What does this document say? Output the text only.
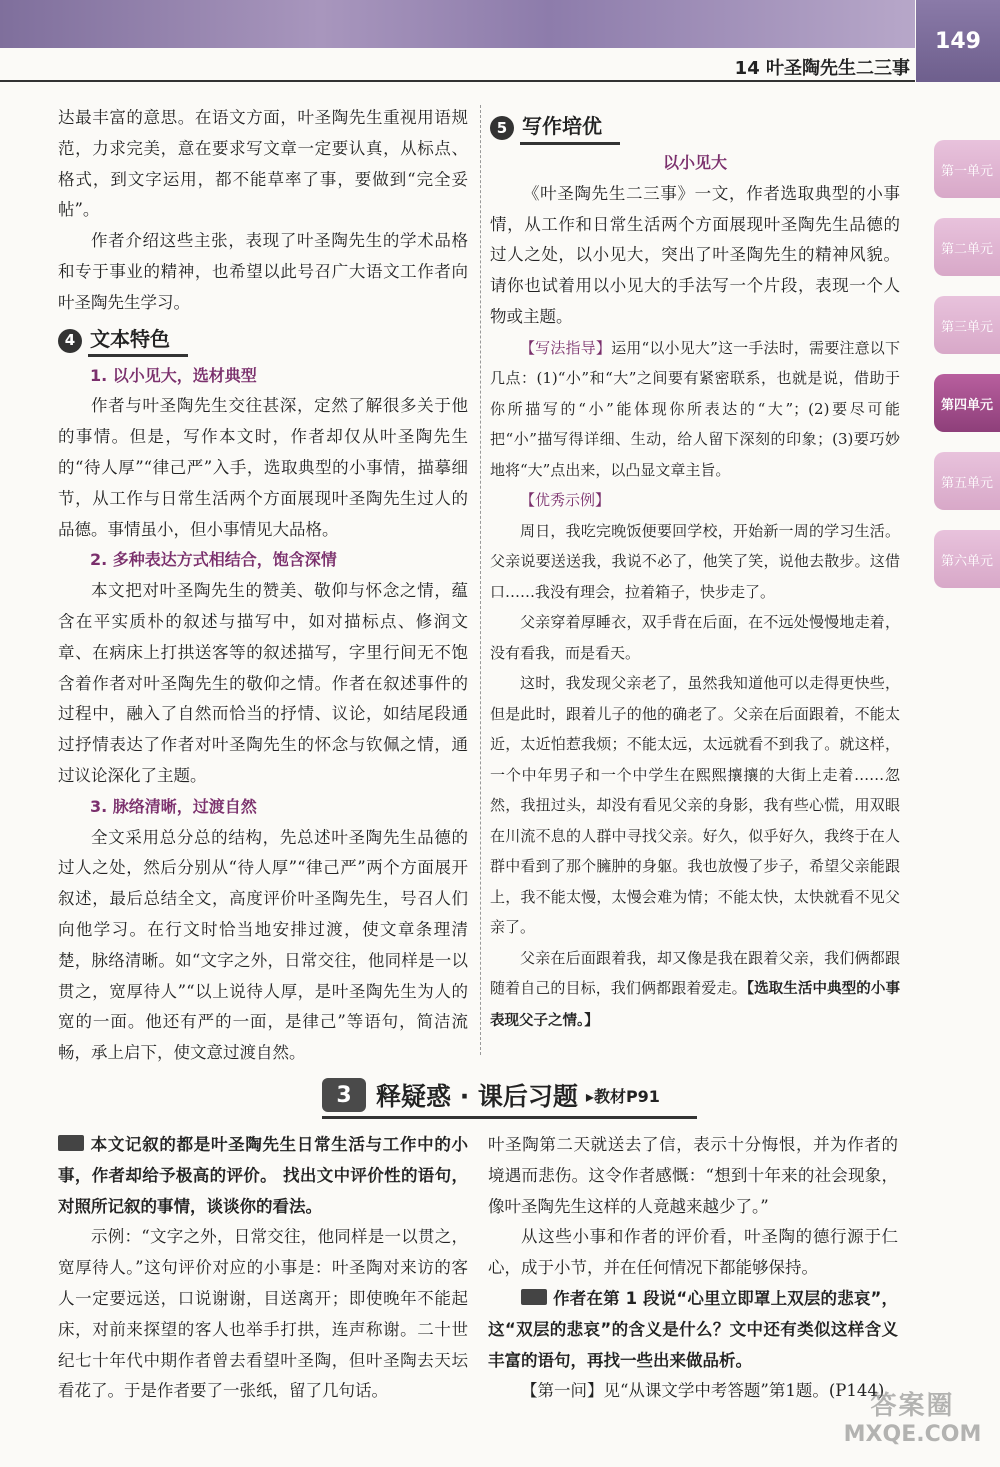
14 叶圣陶先生二三事
149
第一单元
第二单元
第三单元
第四单元
第五单元
第六单元

达最丰富的意思。在语文方面，叶圣陶先生重视用语规范，力求完美，意在要求写文章一定要认真，从标点、格式，到文字运用，都不能草率了事，要做到“完全妥帖”。

作者介绍这些主张，表现了叶圣陶先生的学术品格和专于事业的精神，也希望以此号召广大语文工作者向叶圣陶先生学习。

4 文本特色
1. 以小见大，选材典型

作者与叶圣陶先生交往甚深，定然了解很多关于他的事情。但是，写作本文时，作者却仅从叶圣陶先生的“待人厚”“律己严”入手，选取典型的小事情，描摹细节，从工作与日常生活两个方面展现叶圣陶先生过人的品德。事情虽小，但小事情见大品格。

2. 多种表达方式相结合，饱含深情

本文把对叶圣陶先生的赞美、敬仰与怀念之情，蕴含在平实质朴的叙述与描写中，如对描标点、修润文章、在病床上打拱送客等的叙述描写，字里行间无不饱含着作者对叶圣陶先生的敬仰之情。作者在叙述事件的过程中，融入了自然而恰当的抒情、议论，如结尾段通过抒情表达了作者对叶圣陶先生的怀念与钦佩之情，通过议论深化了主题。

3. 脉络清晰，过渡自然

全文采用总分总的结构，先总述叶圣陶先生品德的过人之处，然后分别从“待人厚”“律己严”两个方面展开叙述，最后总结全文，高度评价叶圣陶先生，号召人们向他学习。在行文时恰当地安排过渡，使文章条理清楚，脉络清晰。如“文字之外，日常交往，他同样是一以贯之，宽厚待人”“以上说待人厚，是叶圣陶先生为人的宽的一面。他还有严的一面，是律己”等语句，简洁流畅，承上启下，使文意过渡自然。

5 写作培优
以小见大

《叶圣陶先生二三事》一文，作者选取典型的小事情，从工作和日常生活两个方面展现叶圣陶先生品德的过人之处，以小见大，突出了叶圣陶先生的精神风貌。请你也试着用以小见大的手法写一个片段，表现一个人物或主题。

【写法指导】运用“以小见大”这一手法时，需要注意以下几点：(1)“小”和“大”之间要有紧密联系，也就是说，借助于你所描写的“小”能体现你所表达的“大”；(2)要尽可能把“小”描写得详细、生动，给人留下深刻的印象；(3)要巧妙地将“大”点出来，以凸显文章主旨。

【优秀示例】

周日，我吃完晚饭便要回学校，开始新一周的学习生活。父亲说要送送我，我说不必了，他笑了笑，说他去散步。这借口……我没有理会，拉着箱子，快步走了。

父亲穿着厚睡衣，双手背在后面，在不远处慢慢地走着，没有看我，而是看天。

这时，我发现父亲老了，虽然我知道他可以走得更快些，但是此时，跟着儿子的他的确老了。父亲在后面跟着，不能太近，太近怕惹我烦；不能太远，太远就看不到我了。就这样，一个中年男子和一个中学生在熙熙攘攘的大街上走着……忽然，我扭过头，却没有看见父亲的身影，我有些心慌，用双眼在川流不息的人群中寻找父亲。好久，似乎好久，我终于在人群中看到了那个臃肿的身躯。我也放慢了步子，希望父亲能跟上，我不能太慢，太慢会难为情；不能太快，太快就看不见父亲了。

父亲在后面跟着我，却又像是我在跟着父亲，我们俩都跟随着自己的目标，我们俩都跟着爱走。【选取生活中典型的小事表现父子之情。】

3 释疑惑 · 课后习题 ▸教材P91

本文记叙的都是叶圣陶先生日常生活与工作中的小事，作者却给予极高的评价。 找出文中评价性的语句，对照所记叙的事情，谈谈你的看法。

示例：“文字之外，日常交往，他同样是一以贯之，宽厚待人。”这句评价对应的小事是：叶圣陶对来访的客人一定要远送，口说谢谢，目送离开；即使晚年不能起床，对前来探望的客人也举手打拱，连声称谢。二十世纪七十年代中期作者曾去看望叶圣陶，但叶圣陶去天坛看花了。于是作者要了一张纸，留了几句话。

叶圣陶第二天就送去了信，表示十分悔恨，并为作者的境遇而悲伤。这令作者感慨：“想到十年来的社会现象，像叶圣陶先生这样的人竟越来越少了。”

从这些小事和作者的评价看，叶圣陶的德行源于仁心，成于小节，并在任何情况下都能够保持。

作者在第 1 段说“心里立即罩上双层的悲哀”，这“双层的悲哀”的含义是什么？文中还有类似这样含义丰富的语句，再找一些出来做品析。

【第一问】见“从课文学中考答题”第1题。(P144)

答案圈
MXQE.COM
